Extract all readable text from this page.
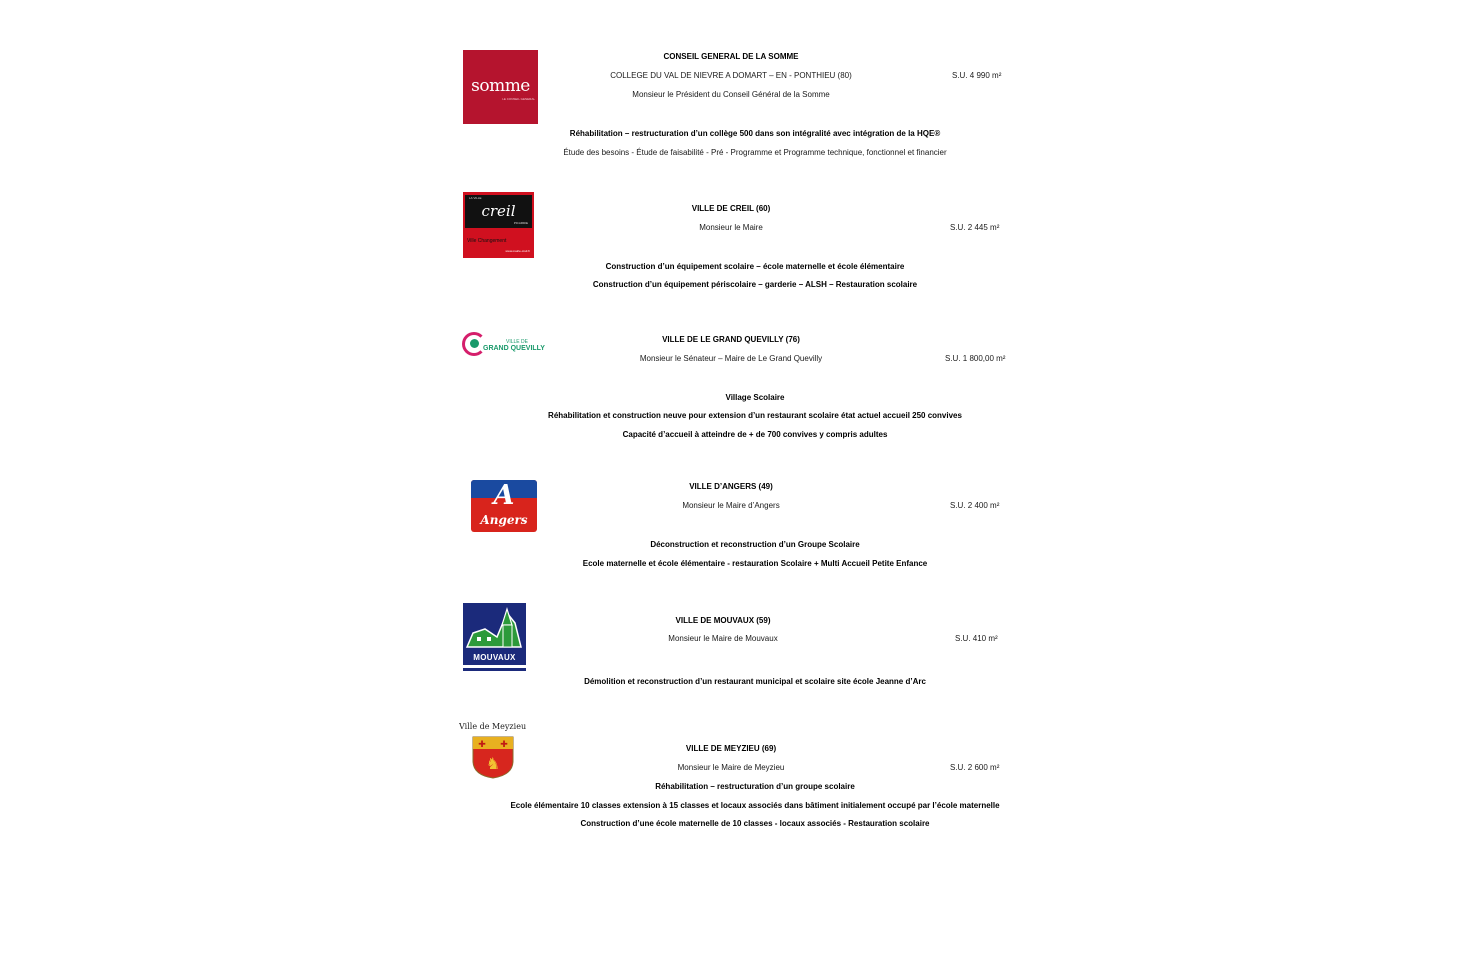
somme
LE CONSEIL GENERAL
CONSEIL GENERAL DE LA SOMME
COLLEGE DU VAL DE NIEVRE A DOMART – EN - PONTHIEU (80)	S.U. 4 990 m²
Monsieur le Président du Conseil Général de la Somme
Réhabilitation – restructuration d’un collège 500 dans son intégralité avec intégration de la HQE®
Étude des besoins - Étude de faisabilité - Pré - Programme et Programme technique, fonctionnel et financier
LA VILLE
creil
PICARDIE
Ville Changement
www.mairie-creil.fr
VILLE DE CREIL (60)
Monsieur le Maire	S.U. 2 445 m²
Construction d’un équipement scolaire – école maternelle et école élémentaire
Construction d’un équipement périscolaire – garderie – ALSH – Restauration scolaire
VILLE DE
GRAND QUEVILLY
VILLE DE LE GRAND QUEVILLY (76)
Monsieur le Sénateur – Maire de Le Grand Quevilly	S.U. 1 800,00 m²
Village Scolaire
Réhabilitation et construction neuve pour extension d’un restaurant scolaire état actuel accueil 250 convives
Capacité d’accueil à atteindre de + de 700 convives y compris adultes
A
Angers
VILLE D’ANGERS (49)
Monsieur le Maire d’Angers	S.U. 2 400 m²
Déconstruction et reconstruction d’un Groupe Scolaire
Ecole maternelle et école élémentaire - restauration Scolaire + Multi Accueil Petite Enfance
MOUVAUX
VILLE DE MOUVAUX (59)
Monsieur le Maire de Mouvaux	S.U. 410 m²
Démolition et reconstruction d’un restaurant municipal et scolaire site école Jeanne d’Arc
Ville de Meyzieu
✚ ✚
♞
VILLE DE MEYZIEU (69)
Monsieur le Maire de Meyzieu	S.U. 2 600 m²
Réhabilitation – restructuration d’un groupe scolaire
Ecole élémentaire 10 classes extension à 15 classes et locaux associés dans bâtiment initialement occupé par l’école maternelle
Construction d’une école maternelle de 10 classes - locaux associés - Restauration scolaire
